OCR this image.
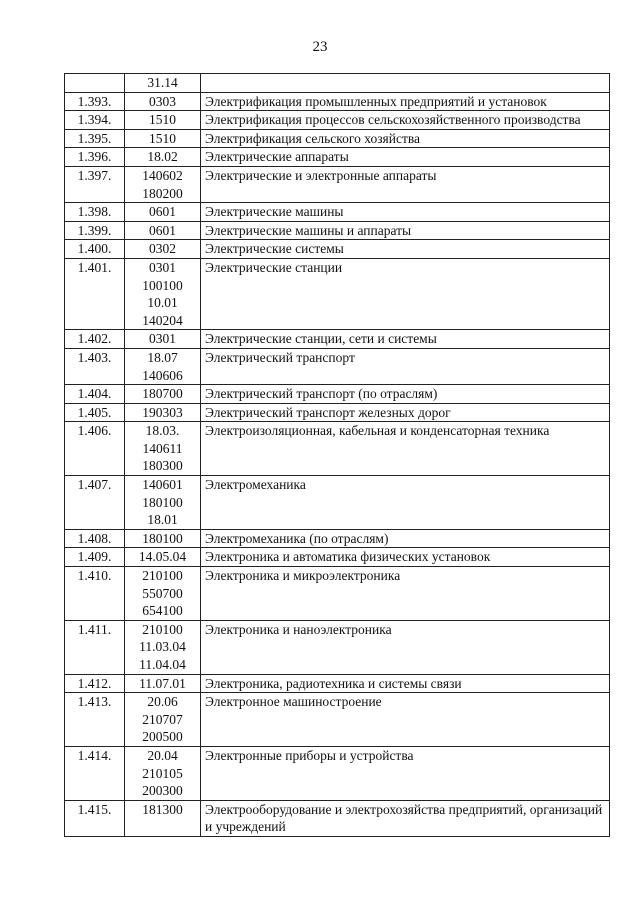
23

	31.14	

1.393.	0303	Электрификация промышленных предприятий и установок
1.394.	1510	Электрификация процессов сельскохозяйственного производства
1.395.	1510	Электрификация сельского хозяйства
1.396.	18.02	Электрические аппараты
1.397.	140602
180200	Электрические и электронные аппараты
1.398.	0601	Электрические машины
1.399.	0601	Электрические машины и аппараты
1.400.	0302	Электрические системы
1.401.	0301
100100
10.01
140204	Электрические станции
1.402.	0301	Электрические станции, сети и системы
1.403.	18.07
140606	Электрический транспорт
1.404.	180700	Электрический транспорт (по отраслям)
1.405.	190303	Электрический транспорт железных дорог
1.406.	18.03.
140611
180300	Электроизоляционная, кабельная и конденсаторная техника
1.407.	140601
180100
18.01	Электромеханика
1.408.	180100	Электромеханика (по отраслям)
1.409.	14.05.04	Электроника и автоматика физических установок
1.410.	210100
550700
654100	Электроника и микроэлектроника
1.411.	210100
11.03.04
11.04.04	Электроника и наноэлектроника
1.412.	11.07.01	Электроника, радиотехника и системы связи
1.413.	20.06
210707
200500	Электронное машиностроение
1.414.	20.04
210105
200300	Электронные приборы и устройства
1.415.	181300	Электрооборудование и электрохозяйства предприятий, организаций и учреждений
